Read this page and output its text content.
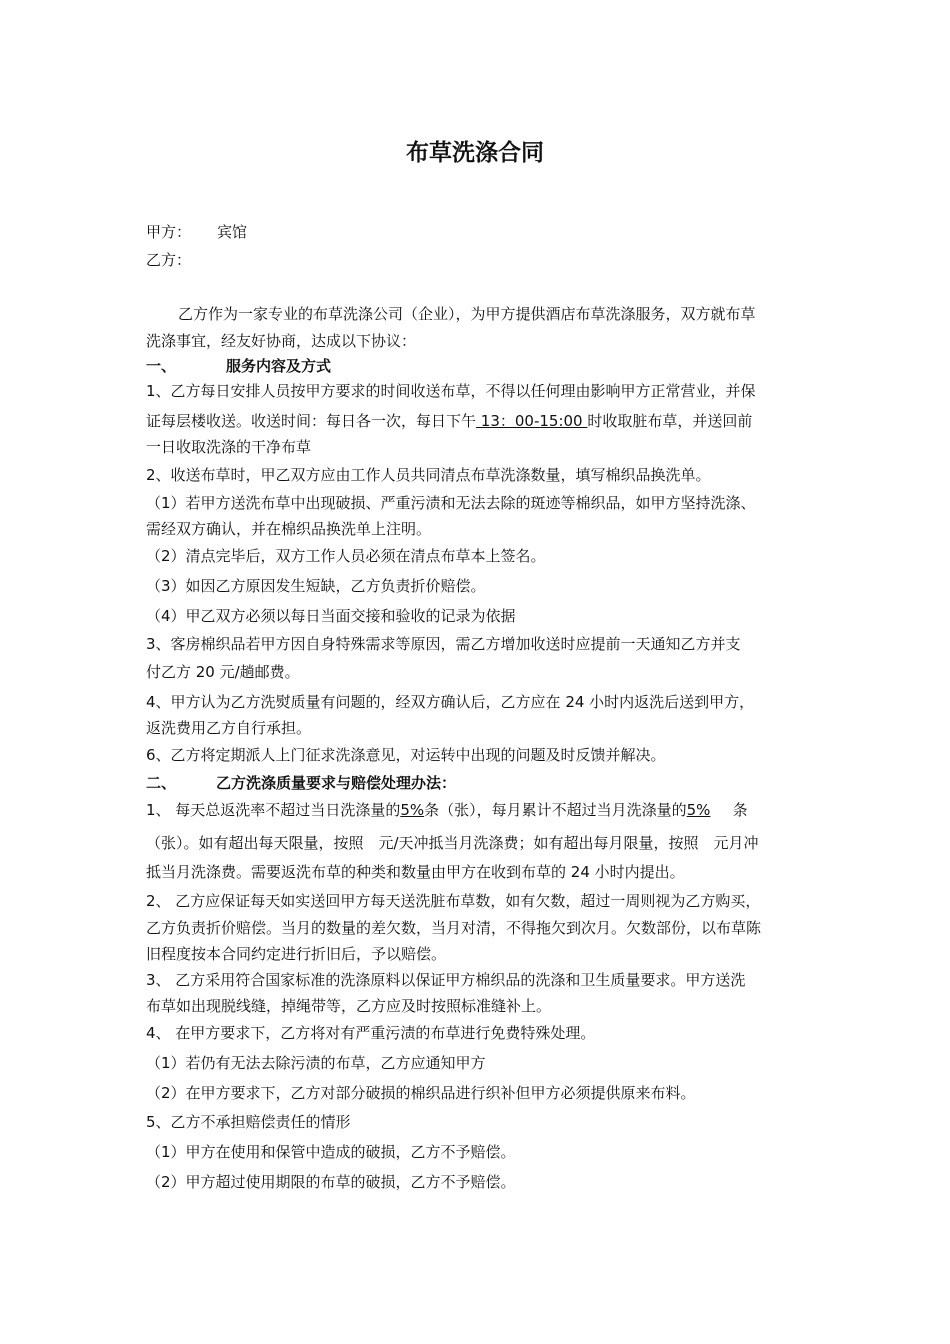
布草洗涤合同
甲方： 宾馆
乙方：
乙方作为一家专业的布草洗涤公司（企业），为甲方提供酒店布草洗涤服务，双方就布草
洗涤事宜，经友好协商，达成以下协议：
一、	服务内容及方式
1、乙方每日安排人员按甲方要求的时间收送布草，不得以任何理由影响甲方正常营业，并保
证每层楼收送。收送时间：每日各一次，每日下午 13：00-15:00 时收取脏布草，并送回前
一日收取洗涤的干净布草
2、收送布草时，甲乙双方应由工作人员共同清点布草洗涤数量，填写棉织品换洗单。
（1）若甲方送洗布草中出现破损、严重污渍和无法去除的斑迹等棉织品，如甲方坚持洗涤、
需经双方确认，并在棉织品换洗单上注明。
（2）清点完毕后，双方工作人员必须在清点布草本上签名。
（3）如因乙方原因发生短缺，乙方负责折价赔偿。
（4）甲乙双方必须以每日当面交接和验收的记录为依据
3、客房棉织品若甲方因自身特殊需求等原因，需乙方增加收送时应提前一天通知乙方并支
付乙方 20 元/趟邮费。
4、甲方认为乙方洗熨质量有问题的，经双方确认后，乙方应在 24 小时内返洗后送到甲方，
返洗费用乙方自行承担。
6、乙方将定期派人上门征求洗涤意见，对运转中出现的问题及时反馈并解决。
二、	乙方洗涤质量要求与赔偿处理办法：
1、 每天总返洗率不超过当日洗涤量的5%条（张），每月累计不超过当月洗涤量的5% 条
（张）。如有超出每天限量，按照　元/天冲抵当月洗涤费；如有超出每月限量，按照　元月冲
抵当月洗涤费。需要返洗布草的种类和数量由甲方在收到布草的 24 小时内提出。
2、 乙方应保证每天如实送回甲方每天送洗脏布草数，如有欠数，超过一周则视为乙方购买，
乙方负责折价赔偿。当月的数量的差欠数，当月对清，不得拖欠到次月。欠数部份，以布草陈
旧程度按本合同约定进行折旧后，予以赔偿。
3、 乙方采用符合国家标准的洗涤原料以保证甲方棉织品的洗涤和卫生质量要求。甲方送洗
布草如出现脱线缝，掉绳带等，乙方应及时按照标准缝补上。
4、 在甲方要求下，乙方将对有严重污渍的布草进行免费特殊处理。
（1）若仍有无法去除污渍的布草，乙方应通知甲方
（2）在甲方要求下，乙方对部分破损的棉织品进行织补但甲方必须提供原来布料。
5、乙方不承担赔偿责任的情形
（1）甲方在使用和保管中造成的破损，乙方不予赔偿。
（2）甲方超过使用期限的布草的破损，乙方不予赔偿。
